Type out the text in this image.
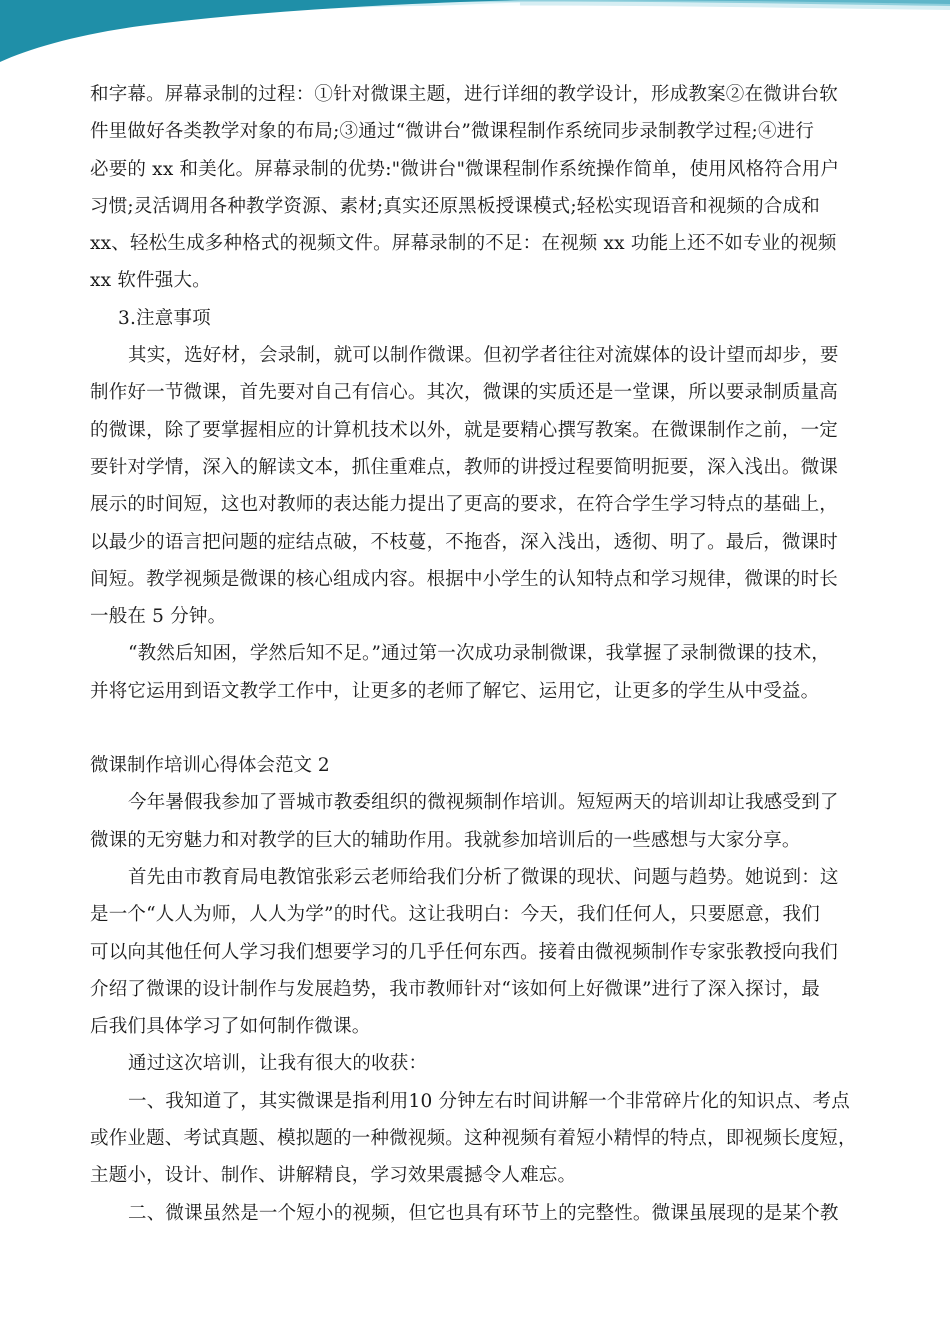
和字幕。屏幕录制的过程：①针对微课主题，进行详细的教学设计，形成教案②在微讲台软
件里做好各类教学对象的布局;③通过“微讲台”微课程制作系统同步录制教学过程;④进行
必要的 xx 和美化。屏幕录制的优势:"微讲台"微课程制作系统操作简单，使用风格符合用户
习惯;灵活调用各种教学资源、素材;真实还原黑板授课模式;轻松实现语音和视频的合成和
xx、轻松生成多种格式的视频文件。屏幕录制的不足：在视频 xx 功能上还不如专业的视频
xx 软件强大。
3.注意事项
其实，选好材，会录制，就可以制作微课。但初学者往往对流媒体的设计望而却步，要
制作好一节微课，首先要对自己有信心。其次，微课的实质还是一堂课，所以要录制质量高
的微课，除了要掌握相应的计算机技术以外，就是要精心撰写教案。在微课制作之前，一定
要针对学情，深入的解读文本，抓住重难点，教师的讲授过程要简明扼要，深入浅出。微课
展示的时间短，这也对教师的表达能力提出了更高的要求，在符合学生学习特点的基础上，
以最少的语言把问题的症结点破，不枝蔓，不拖沓，深入浅出，透彻、明了。最后，微课时
间短。教学视频是微课的核心组成内容。根据中小学生的认知特点和学习规律，微课的时长
一般在 5 分钟。
“教然后知困，学然后知不足。”通过第一次成功录制微课，我掌握了录制微课的技术，
并将它运用到语文教学工作中，让更多的老师了解它、运用它，让更多的学生从中受益。
微课制作培训心得体会范文 2
今年暑假我参加了晋城市教委组织的微视频制作培训。短短两天的培训却让我感受到了
微课的无穷魅力和对教学的巨大的辅助作用。我就参加培训后的一些感想与大家分享。
首先由市教育局电教馆张彩云老师给我们分析了微课的现状、问题与趋势。她说到：这
是一个“人人为师，人人为学”的时代。这让我明白：今天，我们任何人，只要愿意，我们
可以向其他任何人学习我们想要学习的几乎任何东西。接着由微视频制作专家张教授向我们
介绍了微课的设计制作与发展趋势，我市教师针对“该如何上好微课”进行了深入探讨，最
后我们具体学习了如何制作微课。
通过这次培训，让我有很大的收获：
一、我知道了，其实微课是指利用10 分钟左右时间讲解一个非常碎片化的知识点、考点
或作业题、考试真题、模拟题的一种微视频。这种视频有着短小精悍的特点，即视频长度短，
主题小，设计、制作、讲解精良，学习效果震撼令人难忘。
二、微课虽然是一个短小的视频，但它也具有环节上的完整性。微课虽展现的是某个教
